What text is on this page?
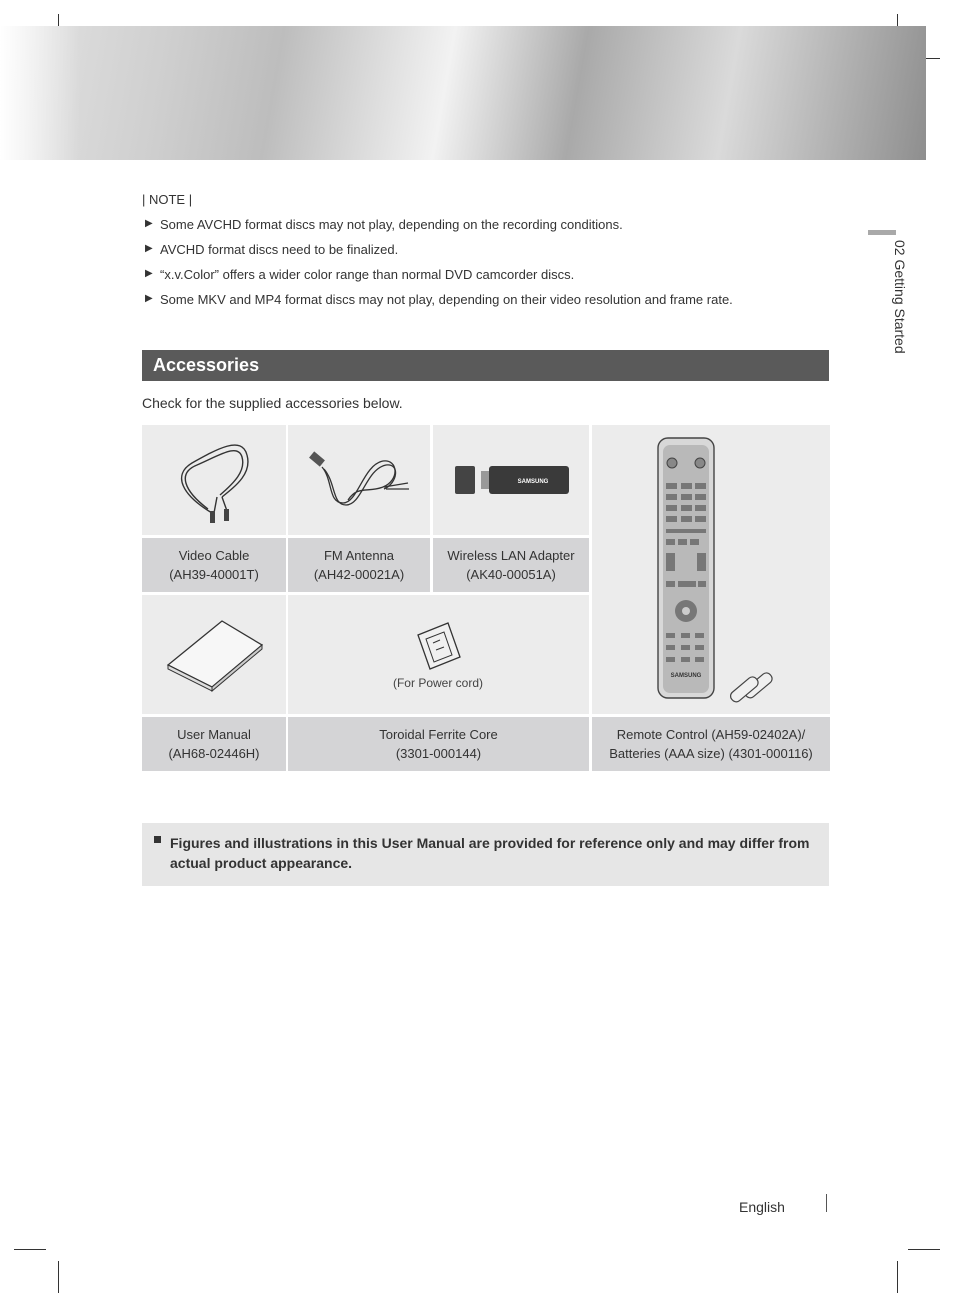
02 Getting Started
| NOTE |
▶ Some AVCHD format discs may not play, depending on the recording conditions.
▶ AVCHD format discs need to be finalized.
▶ “x.v.Color” offers a wider color range than normal DVD camcorder discs.
▶ Some MKV and MP4 format discs may not play, depending on their video resolution and frame rate.
Accessories
Check for the supplied accessories below.
SAMSUNG
Video Cable
(AH39-40001T)
FM Antenna
(AH42-00021A)
Wireless LAN Adapter
(AK40-00051A)
SAMSUNG
(For Power cord)
User Manual
(AH68-02446H)
Toroidal Ferrite Core
(3301-000144)
Remote Control (AH59-02402A)/
Batteries (AAA size) (4301-000116)
Figures and illustrations in this User Manual are provided for reference only and may differ from actual product appearance.
English
